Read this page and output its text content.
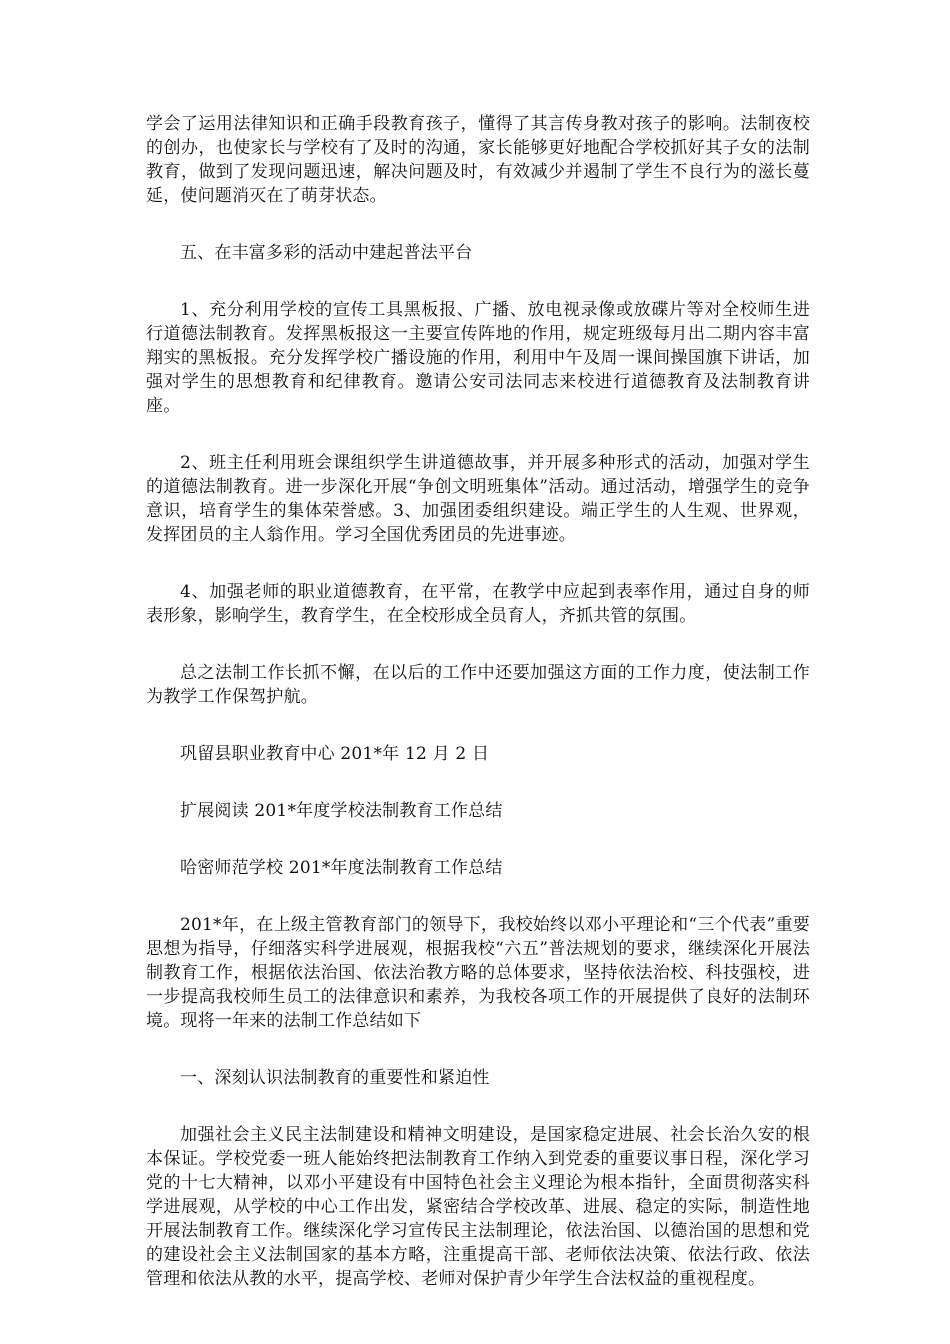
学会了运用法律知识和正确手段教育孩子，懂得了其言传身教对孩子的影响。法制夜校的创办，也使家长与学校有了及时的沟通，家长能够更好地配合学校抓好其子女的法制教育，做到了发现问题迅速，解决问题及时，有效减少并遏制了学生不良行为的滋长蔓延，使问题消灭在了萌芽状态。

五、在丰富多彩的活动中建起普法平台

1、充分利用学校的宣传工具黑板报、广播、放电视录像或放碟片等对全校师生进行道德法制教育。发挥黑板报这一主要宣传阵地的作用，规定班级每月出二期内容丰富翔实的黑板报。充分发挥学校广播设施的作用，利用中午及周一课间操国旗下讲话，加强对学生的思想教育和纪律教育。邀请公安司法同志来校进行道德教育及法制教育讲座。

2、班主任利用班会课组织学生讲道德故事，并开展多种形式的活动，加强对学生的道德法制教育。进一步深化开展“争创文明班集体”活动。通过活动，增强学生的竞争意识，培育学生的集体荣誉感。3、加强团委组织建设。端正学生的人生观、世界观，发挥团员的主人翁作用。学习全国优秀团员的先进事迹。

4、加强老师的职业道德教育，在平常，在教学中应起到表率作用，通过自身的师表形象，影响学生，教育学生，在全校形成全员育人，齐抓共管的氛围。

总之法制工作长抓不懈，在以后的工作中还要加强这方面的工作力度，使法制工作为教学工作保驾护航。

巩留县职业教育中心 201*年 12 月 2 日

扩展阅读 201*年度学校法制教育工作总结

哈密师范学校 201*年度法制教育工作总结

201*年，在上级主管教育部门的领导下，我校始终以邓小平理论和“三个代表”重要思想为指导，仔细落实科学进展观，根据我校“六五”普法规划的要求，继续深化开展法制教育工作，根据依法治国、依法治教方略的总体要求，坚持依法治校、科技强校，进一步提高我校师生员工的法律意识和素养，为我校各项工作的开展提供了良好的法制环境。现将一年来的法制工作总结如下

一、深刻认识法制教育的重要性和紧迫性

加强社会主义民主法制建设和精神文明建设，是国家稳定进展、社会长治久安的根本保证。学校党委一班人能始终把法制教育工作纳入到党委的重要议事日程，深化学习党的十七大精神，以邓小平建设有中国特色社会主义理论为根本指针，全面贯彻落实科学进展观，从学校的中心工作出发，紧密结合学校改革、进展、稳定的实际，制造性地开展法制教育工作。继续深化学习宣传民主法制理论，依法治国、以德治国的思想和党的建设社会主义法制国家的基本方略，注重提高干部、老师依法决策、依法行政、依法管理和依法从教的水平，提高学校、老师对保护青少年学生合法权益的重视程度。
